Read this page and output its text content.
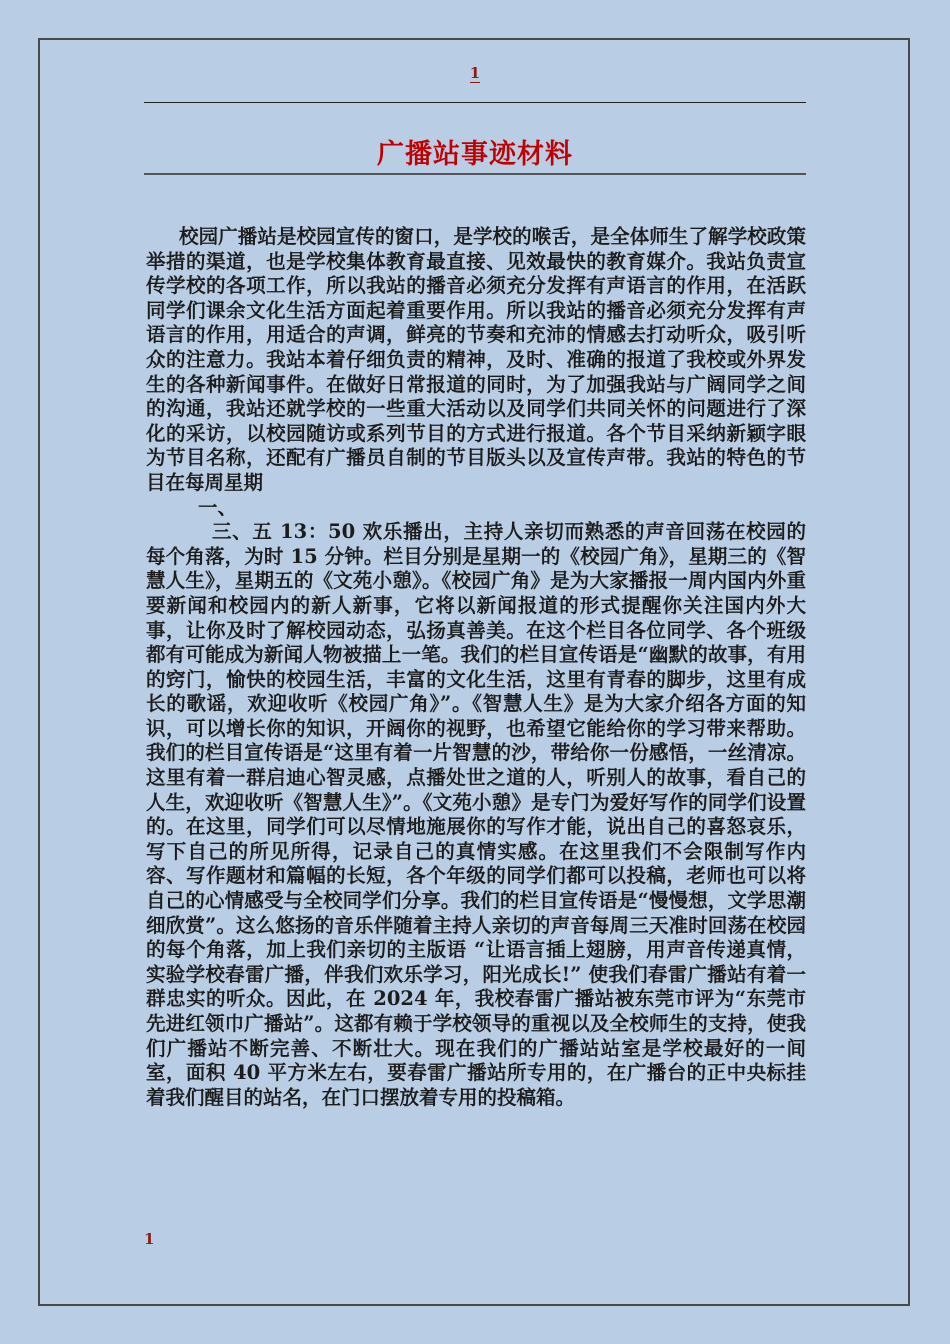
1
广播站事迹材料

校园广播站是校园宣传的窗口，是学校的喉舌，是全体师生了解学校政策举措的渠道，也是学校集体教育最直接、见效最快的教育媒介。我站负责宣传学校的各项工作，所以我站的播音必须充分发挥有声语言的作用，在活跃同学们课余文化生活方面起着重要作用。所以我站的播音必须充分发挥有声语言的作用，用适合的声调，鲜亮的节奏和充沛的情感去打动听众，吸引听众的注意力。我站本着仔细负责的精神，及时、准确的报道了我校或外界发生的各种新闻事件。在做好日常报道的同时，为了加强我站与广阔同学之间的沟通，我站还就学校的一些重大活动以及同学们共同关怀的问题进行了深化的采访，以校园随访或系列节目的方式进行报道。各个节目采纳新颖字眼为节目名称，还配有广播员自制的节目版头以及宣传声带。我站的特色的节目在每周星期

一、

三、五 13：50 欢乐播出，主持人亲切而熟悉的声音回荡在校园的每个角落，为时 15 分钟。栏目分别是星期一的《校园广角》，星期三的《智慧人生》，星期五的《文苑小憩》。《校园广角》是为大家播报一周内国内外重要新闻和校园内的新人新事，它将以新闻报道的形式提醒你关注国内外大事，让你及时了解校园动态，弘扬真善美。在这个栏目各位同学、各个班级都有可能成为新闻人物被描上一笔。我们的栏目宣传语是“幽默的故事，有用的窍门，愉快的校园生活，丰富的文化生活，这里有青春的脚步，这里有成长的歌谣，欢迎收听《校园广角》”。《智慧人生》是为大家介绍各方面的知识，可以增长你的知识，开阔你的视野，也希望它能给你的学习带来帮助。我们的栏目宣传语是“这里有着一片智慧的沙，带给你一份感悟，一丝清凉。这里有着一群启迪心智灵感，点播处世之道的人，听别人的故事，看自己的人生，欢迎收听《智慧人生》”。《文苑小憩》是专门为爱好写作的同学们设置的。在这里，同学们可以尽情地施展你的写作才能，说出自己的喜怒哀乐，写下自己的所见所得，记录自己的真情实感。在这里我们不会限制写作内容、写作题材和篇幅的长短，各个年级的同学们都可以投稿，老师也可以将自己的心情感受与全校同学们分享。我们的栏目宣传语是“慢慢想，文学思潮细欣赏”。这么悠扬的音乐伴随着主持人亲切的声音每周三天准时回荡在校园的每个角落，加上我们亲切的主版语 “让语言插上翅膀，用声音传递真情，实验学校春雷广播，伴我们欢乐学习，阳光成长!” 使我们春雷广播站有着一群忠实的听众。因此，在 2024 年，我校春雷广播站被东莞市评为“东莞市先进红领巾广播站”。这都有赖于学校领导的重视以及全校师生的支持，使我们广播站不断完善、不断壮大。现在我们的广播站站室是学校最好的一间室，面积 40 平方米左右，要春雷广播站所专用的，在广播台的正中央标挂着我们醒目的站名，在门口摆放着专用的投稿箱。

1
